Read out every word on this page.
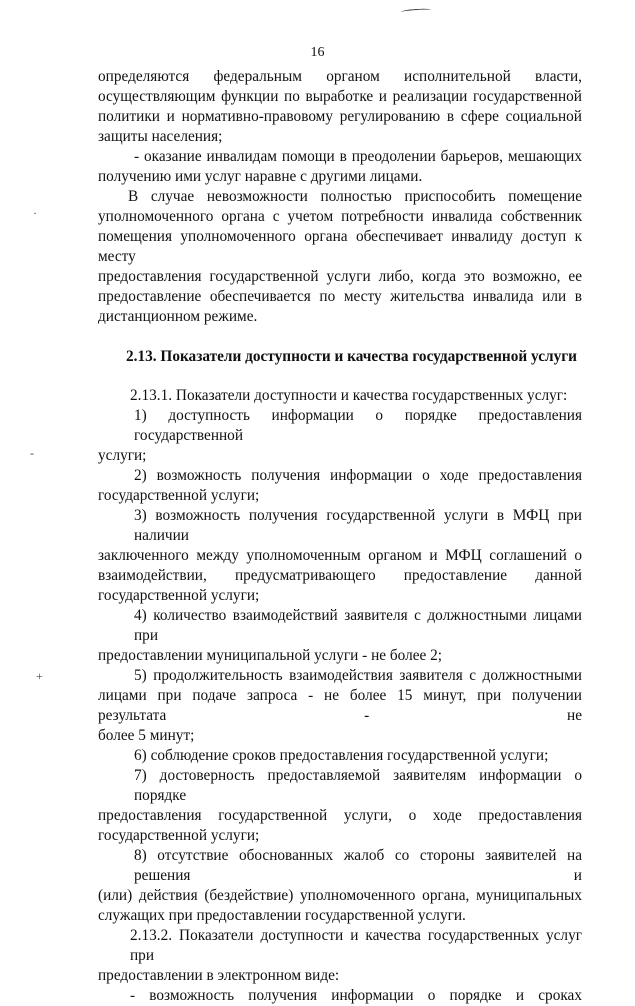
·
-
+
16
определяются федеральным органом исполнительной власти,
осуществляющим функции по выработке и реализации государственной
политики и нормативно-правовому регулированию в сфере социальной
защиты населения;
- оказание инвалидам помощи в преодолении барьеров, мешающих
получению ими услуг наравне с другими лицами.
В случае невозможности полностью приспособить помещение
уполномоченного органа с учетом потребности инвалида собственник
помещения уполномоченного органа обеспечивает инвалиду доступ к месту
предоставления государственной услуги либо, когда это возможно, ее
предоставление обеспечивается по месту жительства инвалида или в
дистанционном режиме.
2.13. Показатели доступности и качества государственной услуги
2.13.1. Показатели доступности и качества государственных услуг:
1) доступность информации о порядке предоставления государственной
услуги;
2) возможность получения информации о ходе предоставления
государственной услуги;
3) возможность получения государственной услуги в МФЦ при наличии
заключенного между уполномоченным органом и МФЦ соглашений о
взаимодействии, предусматривающего предоставление данной
государственной услуги;
4) количество взаимодействий заявителя с должностными лицами при
предоставлении муниципальной услуги - не более 2;
5) продолжительность взаимодействия заявителя с должностными
лицами при подаче запроса - не более 15 минут, при получении результата - не
более 5 минут;
6) соблюдение сроков предоставления государственной услуги;
7) достоверность предоставляемой заявителям информации о порядке
предоставления государственной услуги, о ходе предоставления
государственной услуги;
8) отсутствие обоснованных жалоб со стороны заявителей на решения и
(или) действия (бездействие) уполномоченного органа, муниципальных
служащих при предоставлении государственной услуги.
2.13.2. Показатели доступности и качества государственных услуг при
предоставлении в электронном виде:
- возможность получения информации о порядке и сроках
